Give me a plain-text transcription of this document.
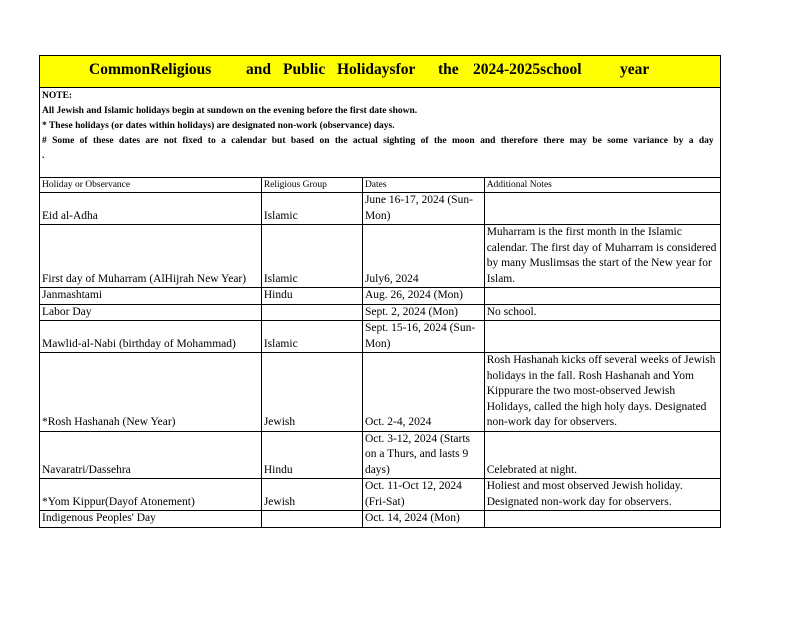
CommonReligious and Public Holidaysfor the 2024-2025school year
NOTE:
All Jewish and Islamic holidays begin at sundown on the evening before the first date shown.
* These holidays (or dates within holidays) are designated non-work (observance) days.
# Some of these dates are not fixed to a calendar but based on the actual sighting of the moon and therefore there may be some variance by a day .
Holiday or Observance	Religious Group	Dates	Additional Notes
Eid al-Adha	Islamic	June 16-17, 2024 (Sun-Mon)	
First day of Muharram (AlHijrah New Year)	Islamic	July6, 2024	Muharram is the first month in the Islamic calendar. The first day of Muharram is considered by many Muslimsas the start of the New year for Islam.
Janmashtami	Hindu	Aug. 26, 2024 (Mon)	
Labor Day		Sept. 2, 2024 (Mon)	No school.
Mawlid-al-Nabi (birthday of Mohammad)	Islamic	Sept. 15-16, 2024 (Sun-Mon)	
*Rosh Hashanah (New Year)	Jewish	Oct. 2-4, 2024	Rosh Hashanah kicks off several weeks of Jewish holidays in the fall. Rosh Hashanah and Yom Kippurare the two most-observed Jewish Holidays, called the high holy days. Designated non-work day for observers.
Navaratri/Dassehra	Hindu	Oct. 3-12, 2024 (Starts on a Thurs, and lasts 9 days)	Celebrated at night.
*Yom Kippur(Dayof Atonement)	Jewish	Oct. 11-Oct 12, 2024 (Fri-Sat)	Holiest and most observed Jewish holiday. Designated non-work day for observers.
Indigenous Peoples' Day		Oct. 14, 2024 (Mon)	
